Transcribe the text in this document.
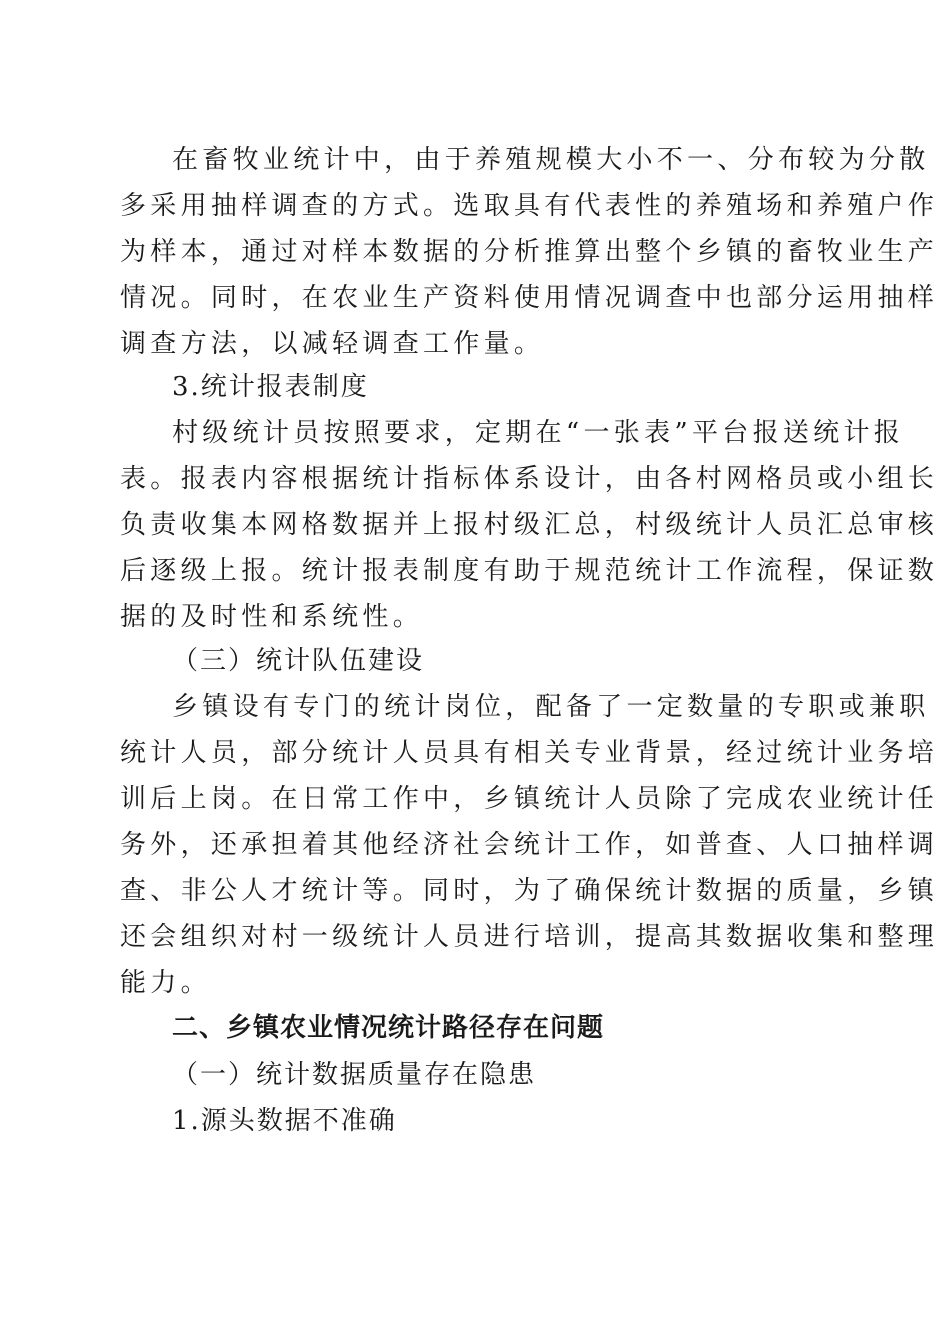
在畜牧业统计中，由于养殖规模大小不一、分布较为分散
多采用抽样调查的方式。选取具有代表性的养殖场和养殖户作
为样本，通过对样本数据的分析推算出整个乡镇的畜牧业生产
情况。同时，在农业生产资料使用情况调查中也部分运用抽样
调查方法，以减轻调查工作量。
3.统计报表制度
村级统计员按照要求，定期在“一张表”平台报送统计报
表。报表内容根据统计指标体系设计，由各村网格员或小组长
负责收集本网格数据并上报村级汇总，村级统计人员汇总审核
后逐级上报。统计报表制度有助于规范统计工作流程，保证数
据的及时性和系统性。
（三）统计队伍建设
乡镇设有专门的统计岗位，配备了一定数量的专职或兼职
统计人员，部分统计人员具有相关专业背景，经过统计业务培
训后上岗。在日常工作中，乡镇统计人员除了完成农业统计任
务外，还承担着其他经济社会统计工作，如普查、人口抽样调
查、非公人才统计等。同时，为了确保统计数据的质量，乡镇
还会组织对村一级统计人员进行培训，提高其数据收集和整理
能力。
二、乡镇农业情况统计路径存在问题
（一）统计数据质量存在隐患
1.源头数据不准确
